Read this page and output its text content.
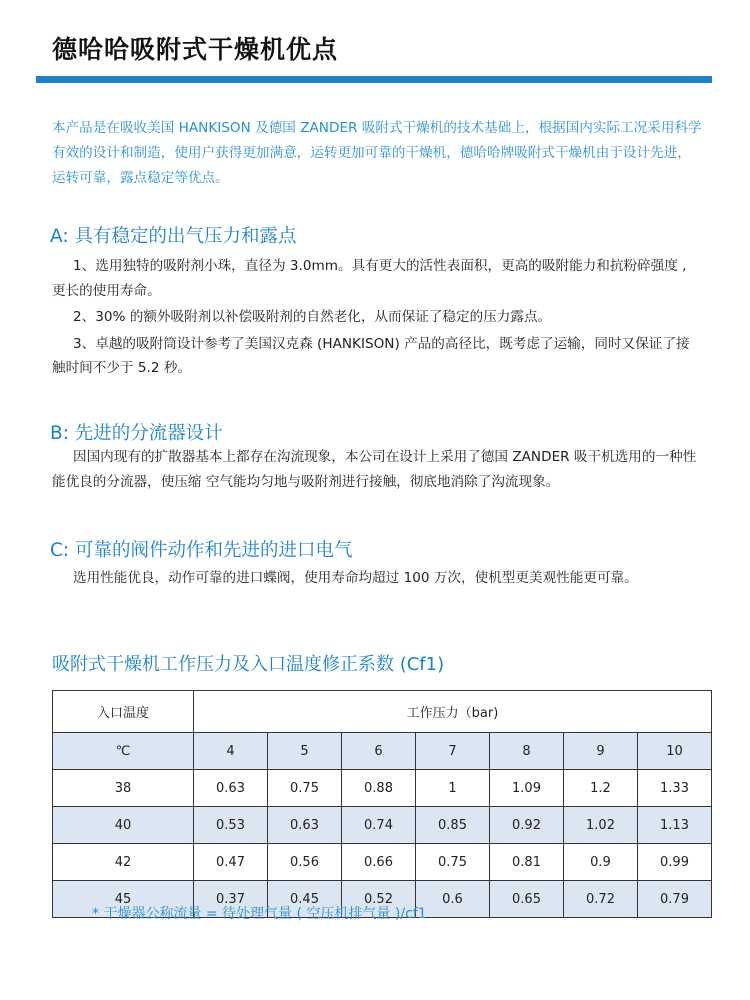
德哈哈吸附式干燥机优点
本产品是在吸收美国 HANKISON 及德国 ZANDER 吸附式干燥机的技术基础上，根据国内实际工况采用科学有效的设计和制造，使用户获得更加满意，运转更加可靠的干燥机，德哈哈牌吸附式干燥机由于设计先进，运转可靠，露点稳定等优点。
A: 具有稳定的出气压力和露点

1、选用独特的吸附剂小珠，直径为 3.0mm。具有更大的活性表面积，更高的吸附能力和抗粉碎强度 , 更长的使用寿命。

2、30% 的额外吸附剂以补偿吸附剂的自然老化，从而保证了稳定的压力露点。

3、卓越的吸附筒设计参考了美国汉克森 (HANKISON) 产品的高径比，既考虑了运输，同时又保证了接触时间不少于 5.2 秒。

B: 先进的分流器设计

因国内现有的扩散器基本上都存在沟流现象，本公司在设计上采用了德国 ZANDER 吸干机选用的一种性能优良的分流器，使压缩 空气能均匀地与吸附剂进行接触，彻底地消除了沟流现象。

C: 可靠的阀件动作和先进的进口电气

选用性能优良，动作可靠的进口蝶阀，使用寿命均超过 100 万次，使机型更美观性能更可靠。

吸附式干燥机工作压力及入口温度修正系数 (Cf1)
入口温度	工作压力（bar)						
℃	4	5	6	7	8	9	10
38	0.63	0.75	0.88	1	1.09	1.2	1.33
40	0.53	0.63	0.74	0.85	0.92	1.02	1.13
42	0.47	0.56	0.66	0.75	0.81	0.9	0.99
45	0.37	0.45	0.52	0.6	0.65	0.72	0.79
* 干燥器公称流量 = 待处理气量 ( 空压机排气量 )/cf1
